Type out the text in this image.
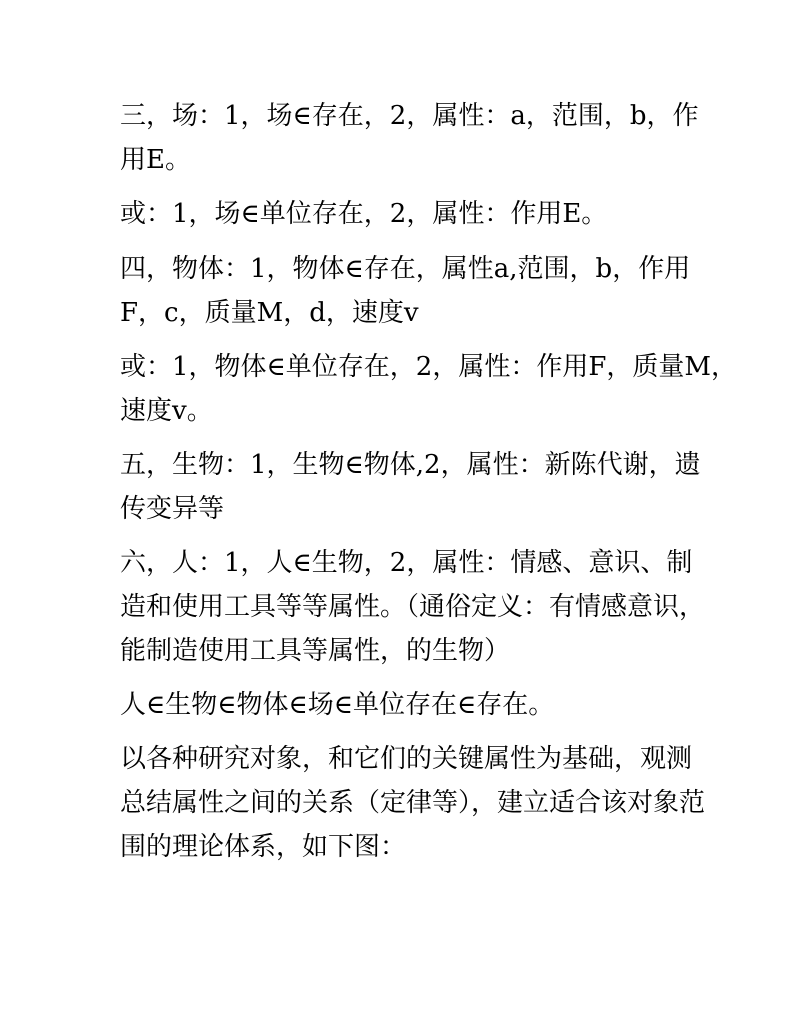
三，场：1，场∈存在，2，属性：a，范围，b，作
用E。
或：1，场∈单位存在，2，属性：作用E。
四，物体：1，物体∈存在，属性a,范围，b，作用
F，c，质量M，d，速度v
或：1，物体∈单位存在，2，属性：作用F，质量M，
速度v。
五，生物：1，生物∈物体,2，属性：新陈代谢，遗
传变异等
六，人：1，人∈生物，2，属性：情感、意识、制
造和使用工具等等属性。（通俗定义：有情感意识，
能制造使用工具等属性，的生物）
人∈生物∈物体∈场∈单位存在∈存在。
以各种研究对象，和它们的关键属性为基础，观测
总结属性之间的关系（定律等），建立适合该对象范
围的理论体系，如下图：
